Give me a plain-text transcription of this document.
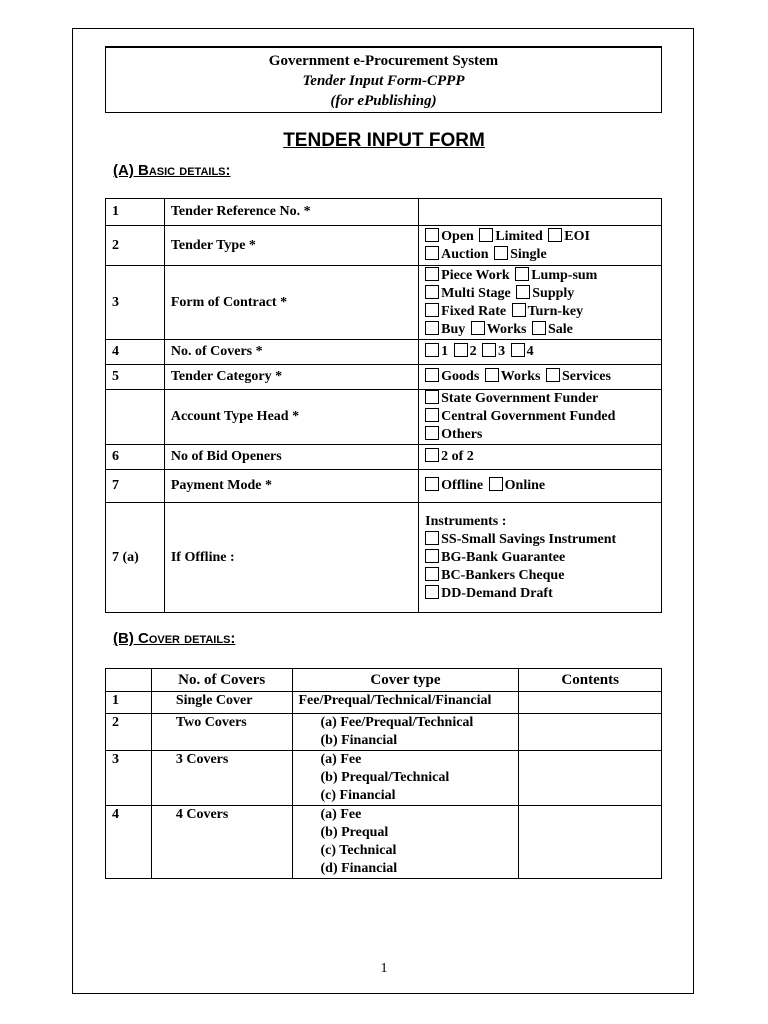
Government e-Procurement System
Tender Input Form-CPPP
(for ePublishing)
TENDER INPUT FORM
(A) Basic details:
1	Tender Reference No. *	
2	Tender Type *	Open Limited EOI
Auction Single

3	Form of Contract *	Piece Work Lump-sum
Multi Stage Supply
Fixed Rate Turn-key
Buy Works Sale

4	No. of Covers *	1 2 3 4

5	Tender Category *	Goods Works Services

	Account Type Head *	State Government Funder
Central Government Funded
Others

6	No of Bid Openers	2 of 2

7	Payment Mode *	Offline Online

7 (a)	If Offline :	Instruments :
SS-Small Savings Instrument
BG-Bank Guarantee
BC-Bankers Cheque
DD-Demand Draft
(B) Cover details:
	No. of Covers	Cover type	Contents
1	Single Cover	Fee/Prequal/Technical/Financial	

2	Two Covers	(a) Fee/Prequal/Technical
(b) Financial	

3	3 Covers	(a) Fee
(b) Prequal/Technical
(c) Financial	

4	4 Covers	(a) Fee
(b) Prequal
(c) Technical
(d) Financial	

1
